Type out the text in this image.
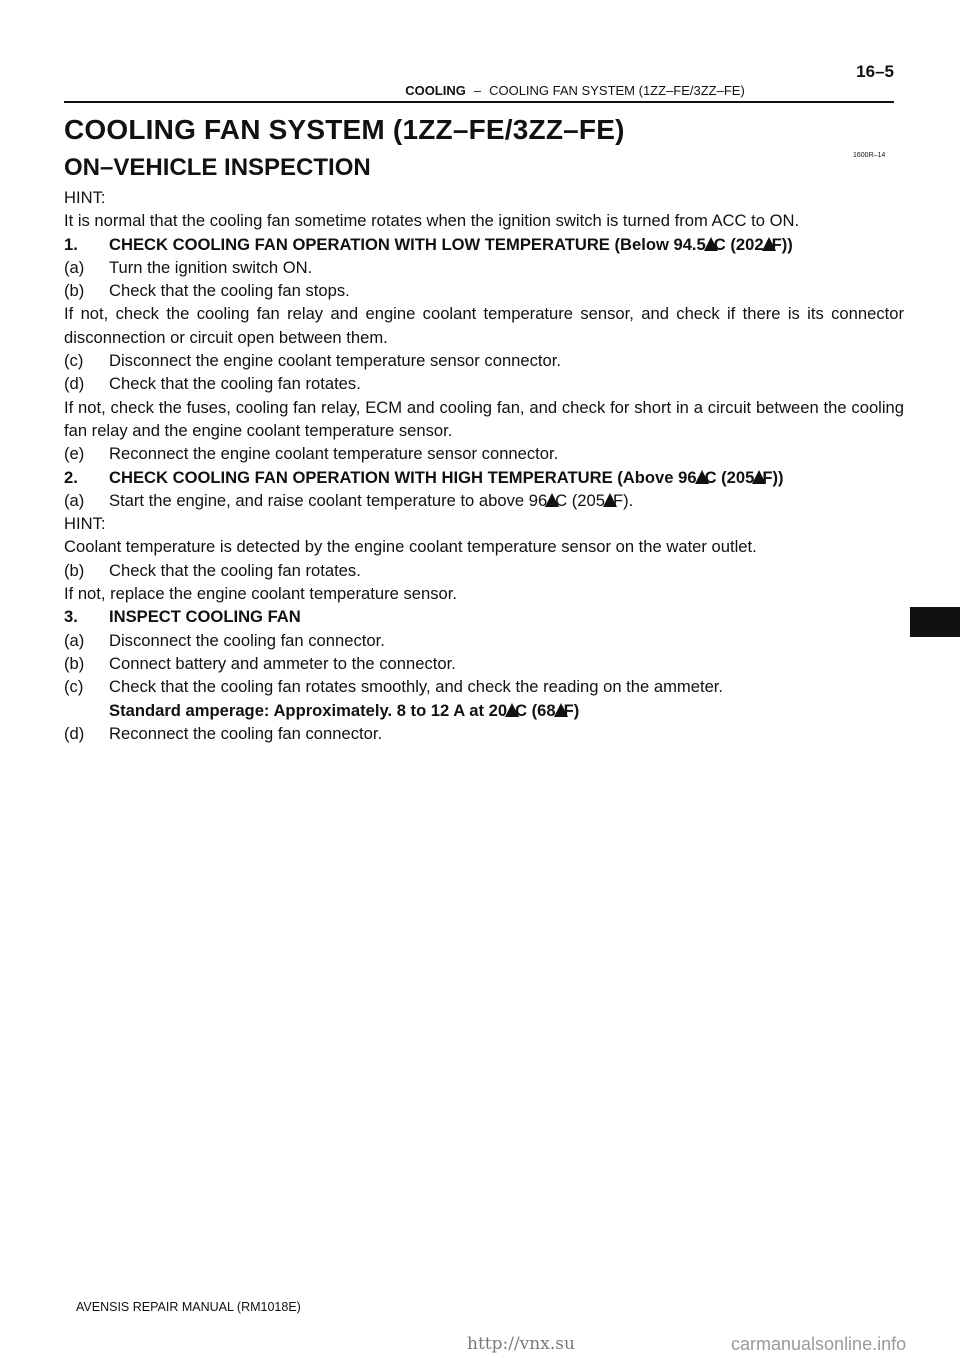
16–5
COOLING – COOLING FAN SYSTEM (1ZZ–FE/3ZZ–FE)
COOLING FAN SYSTEM (1ZZ–FE/3ZZ–FE)
ON–VEHICLE INSPECTION	1600R–14
HINT:
It is normal that the cooling fan sometime rotates when the ignition switch is turned from ACC to ON.
1. CHECK COOLING FAN OPERATION WITH LOW TEMPERATURE (Below 94.5 C (202 F))
(a) Turn the ignition switch ON.
(b) Check that the cooling fan stops.
If not, check the cooling fan relay and engine coolant temperature sensor, and check if there is its connector disconnection or circuit open between them.
(c) Disconnect the engine coolant temperature sensor connector.
(d) Check that the cooling fan rotates.
If not, check the fuses, cooling fan relay, ECM and cooling fan, and check for short in a circuit between the cooling fan relay and the engine coolant temperature sensor.
(e) Reconnect the engine coolant temperature sensor connector.
2. CHECK COOLING FAN OPERATION WITH HIGH TEMPERATURE (Above 96 C (205 F))
(a) Start the engine, and raise coolant temperature to above 96 C (205 F).
HINT:
Coolant temperature is detected by the engine coolant temperature sensor on the water outlet.
(b) Check that the cooling fan rotates.
If not, replace the engine coolant temperature sensor.
3. INSPECT COOLING FAN
(a) Disconnect the cooling fan connector.
(b) Connect battery and ammeter to the connector.
(c) Check that the cooling fan rotates smoothly, and check the reading on the ammeter.
Standard amperage: Approximately. 8 to 12 A at 20 C (68 F)
(d) Reconnect the cooling fan connector.
AVENSIS REPAIR MANUAL (RM1018E)
http://vnx.su	carmanualsonline.info
